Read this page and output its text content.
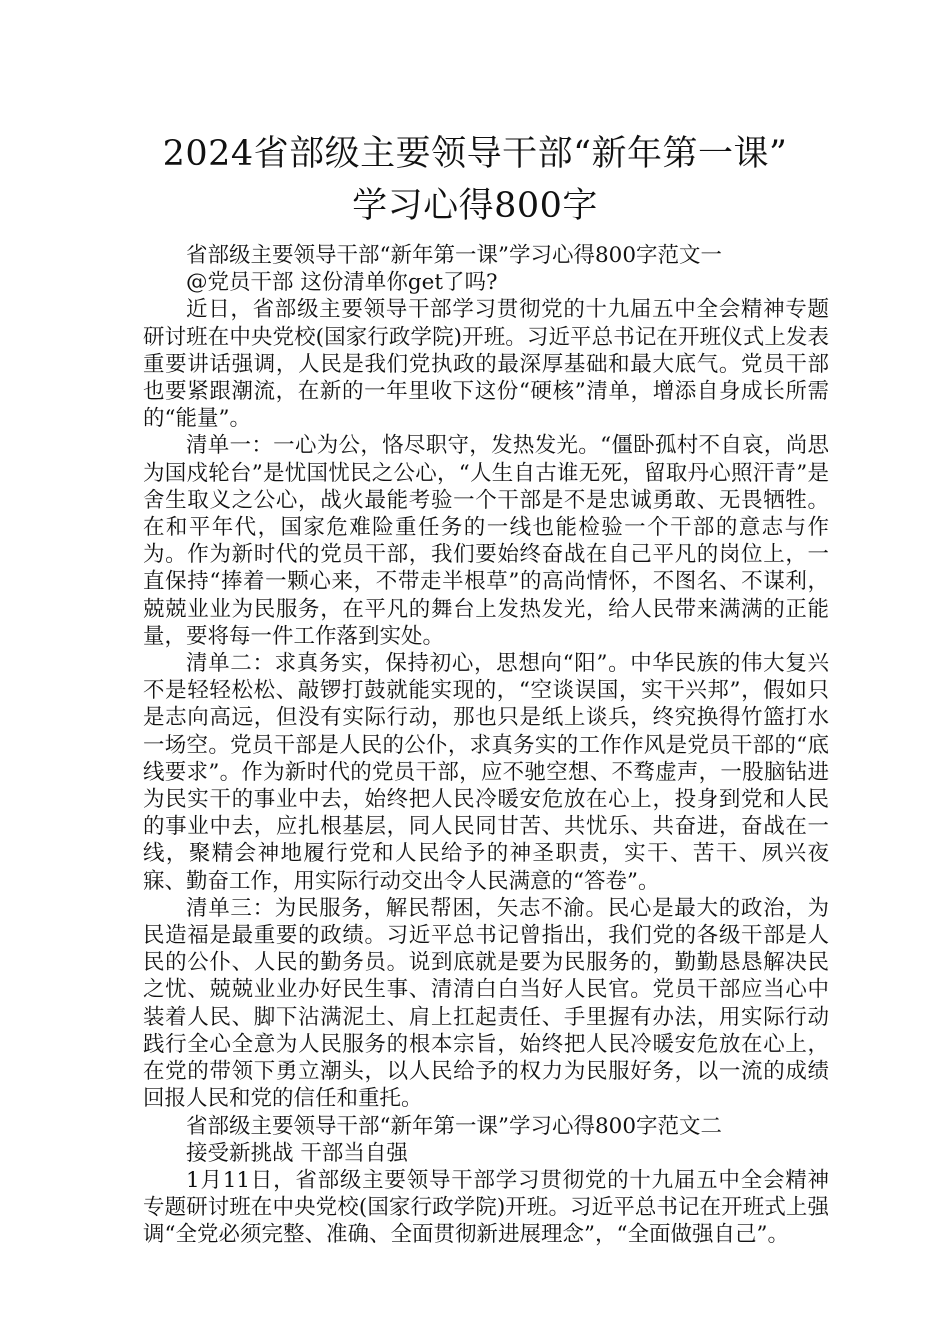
2024省部级主要领导干部“新年第一课”
学习心得800字

省部级主要领导干部“新年第一课”学习心得800字范文一

@党员干部 这份清单你get了吗?

近日，省部级主要领导干部学习贯彻党的十九届五中全会精神专题研讨班在中央党校(国家行政学院)开班。习近平总书记在开班仪式上发表重要讲话强调，人民是我们党执政的最深厚基础和最大底气。党员干部也要紧跟潮流，在新的一年里收下这份“硬核”清单，增添自身成长所需的“能量”。

清单一：一心为公，恪尽职守，发热发光。“僵卧孤村不自哀，尚思为国戍轮台”是忧国忧民之公心，“人生自古谁无死，留取丹心照汗青”是舍生取义之公心，战火最能考验一个干部是不是忠诚勇敢、无畏牺牲。在和平年代，国家危难险重任务的一线也能检验一个干部的意志与作为。作为新时代的党员干部，我们要始终奋战在自己平凡的岗位上，一直保持“捧着一颗心来，不带走半根草”的高尚情怀，不图名、不谋利，兢兢业业为民服务，在平凡的舞台上发热发光，给人民带来满满的正能量，要将每一件工作落到实处。

清单二：求真务实，保持初心，思想向“阳”。中华民族的伟大复兴不是轻轻松松、敲锣打鼓就能实现的，“空谈误国，实干兴邦”，假如只是志向高远，但没有实际行动，那也只是纸上谈兵，终究换得竹篮打水一场空。党员干部是人民的公仆，求真务实的工作作风是党员干部的“底线要求”。作为新时代的党员干部，应不驰空想、不骛虚声，一股脑钻进为民实干的事业中去，始终把人民冷暖安危放在心上，投身到党和人民的事业中去，应扎根基层，同人民同甘苦、共忧乐、共奋进，奋战在一线，聚精会神地履行党和人民给予的神圣职责，实干、苦干、夙兴夜寐、勤奋工作，用实际行动交出令人民满意的“答卷”。

清单三：为民服务，解民帮困，矢志不渝。民心是最大的政治，为民造福是最重要的政绩。习近平总书记曾指出，我们党的各级干部是人民的公仆、人民的勤务员。说到底就是要为民服务的，勤勤恳恳解决民之忧、兢兢业业办好民生事、清清白白当好人民官。党员干部应当心中装着人民、脚下沾满泥土、肩上扛起责任、手里握有办法，用实际行动践行全心全意为人民服务的根本宗旨，始终把人民冷暖安危放在心上，在党的带领下勇立潮头，以人民给予的权力为民服好务，以一流的成绩回报人民和党的信任和重托。

省部级主要领导干部“新年第一课”学习心得800字范文二

接受新挑战 干部当自强

1月11日，省部级主要领导干部学习贯彻党的十九届五中全会精神专题研讨班在中央党校(国家行政学院)开班。习近平总书记在开班式上强调“全党必须完整、准确、全面贯彻新进展理念”，“全面做强自己”。
